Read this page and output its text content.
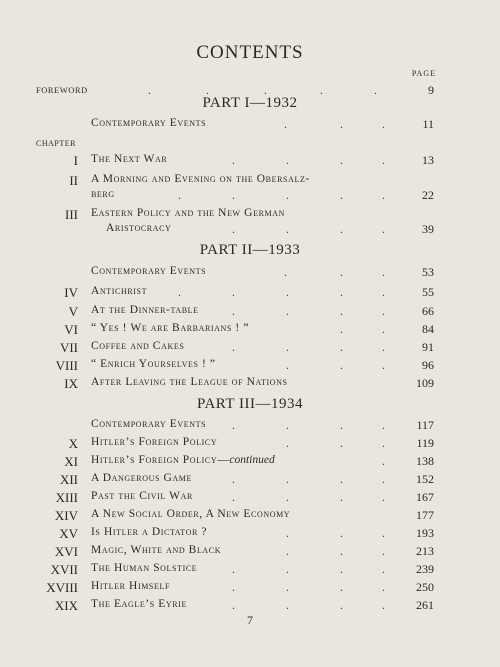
CONTENTS
PAGE
FOREWORD	.	.	.	.	.	9
PART I—1932
Contemporary Events	.	.	.	11
CHAPTER
I The Next War	.	.	.	.	13
II A Morning and Evening on the Obersalz-
berg	.	.	.	.	.	22
III Eastern Policy and the New German
Aristocracy	.	.	.	.	39
PART II—1933
Contemporary Events	.	.	.	53
IV Antichrist	.	.	.	.	.	55
V At the Dinner-table	.	.	.	.	66
VI “ Yes ! We are Barbarians ! ”	.	.	84
VII Coffee and Cakes	.	.	.	.	91
VIII “ Enrich Yourselves ! ”	.	.	.	96
IX After Leaving the League of Nations	109
PART III—1934
Contemporary Events .	.	.	.	117
X Hitler’s Foreign Policy	.	.	.	119
XI Hitler’s Foreign Policy—continued	.	138
XII A Dangerous Game	.	.	.	.	152
XIII Past the Civil War	.	.	.	.	167
XIV A New Social Order, A New Economy	177
XV Is Hitler a Dictator ?	.	.	.	193
XVI Magic, White and Black	.	.	.	213
XVII The Human Solstice	.	.	.	.	239
XVIII Hitler Himself	.	.	.	.	250
XIX The Eagle’s Eyrie	.	.	.	.	261
7
